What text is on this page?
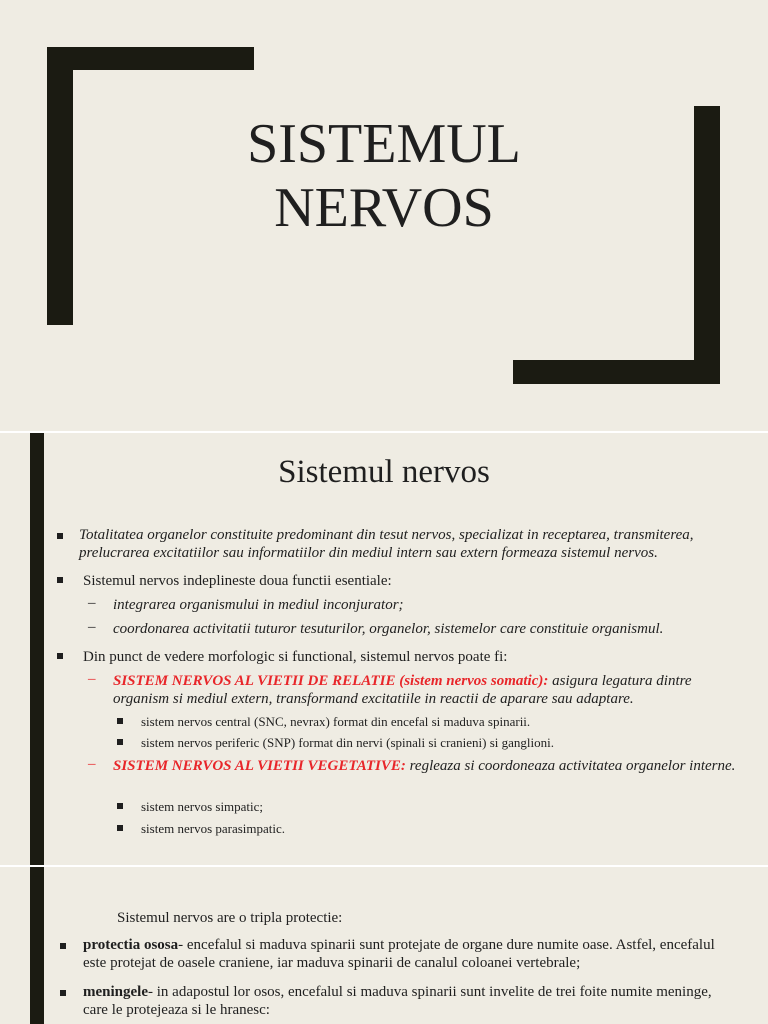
SISTEMUL
NERVOS
Sistemul nervos
Totalitatea organelor constituite predominant din tesut nervos, specializat in receptarea, transmiterea, prelucrarea excitatiilor sau informatiilor din mediul intern sau extern formeaza sistemul nervos.
Sistemul nervos indeplineste doua functii esentiale:
– integrarea organismului in mediul inconjurator;
– coordonarea activitatii tuturor tesuturilor, organelor, sistemelor care constituie organismul.
Din punct de vedere morfologic si functional, sistemul nervos poate fi:
– SISTEM NERVOS AL VIETII DE RELATIE (sistem nervos somatic): asigura legatura dintre organism si mediul extern, transformand excitatiile in reactii de aparare sau adaptare.
sistem nervos central (SNC, nevrax) format din encefal si maduva spinarii.
sistem nervos periferic (SNP) format din nervi (spinali si cranieni) si ganglioni.
– SISTEM NERVOS AL VIETII VEGETATIVE: regleaza si coordoneaza activitatea organelor interne.
sistem nervos simpatic;
sistem nervos parasimpatic.
Sistemul nervos are o tripla protectie:
protectia ososa- encefalul si maduva spinarii sunt protejate de organe dure numite oase. Astfel, encefalul este protejat de oasele craniene, iar maduva spinarii de canalul coloanei vertebrale;
meningele- in adapostul lor osos, encefalul si maduva spinarii sunt invelite de trei foite numite meninge, care le protejeaza si le hranesc:
